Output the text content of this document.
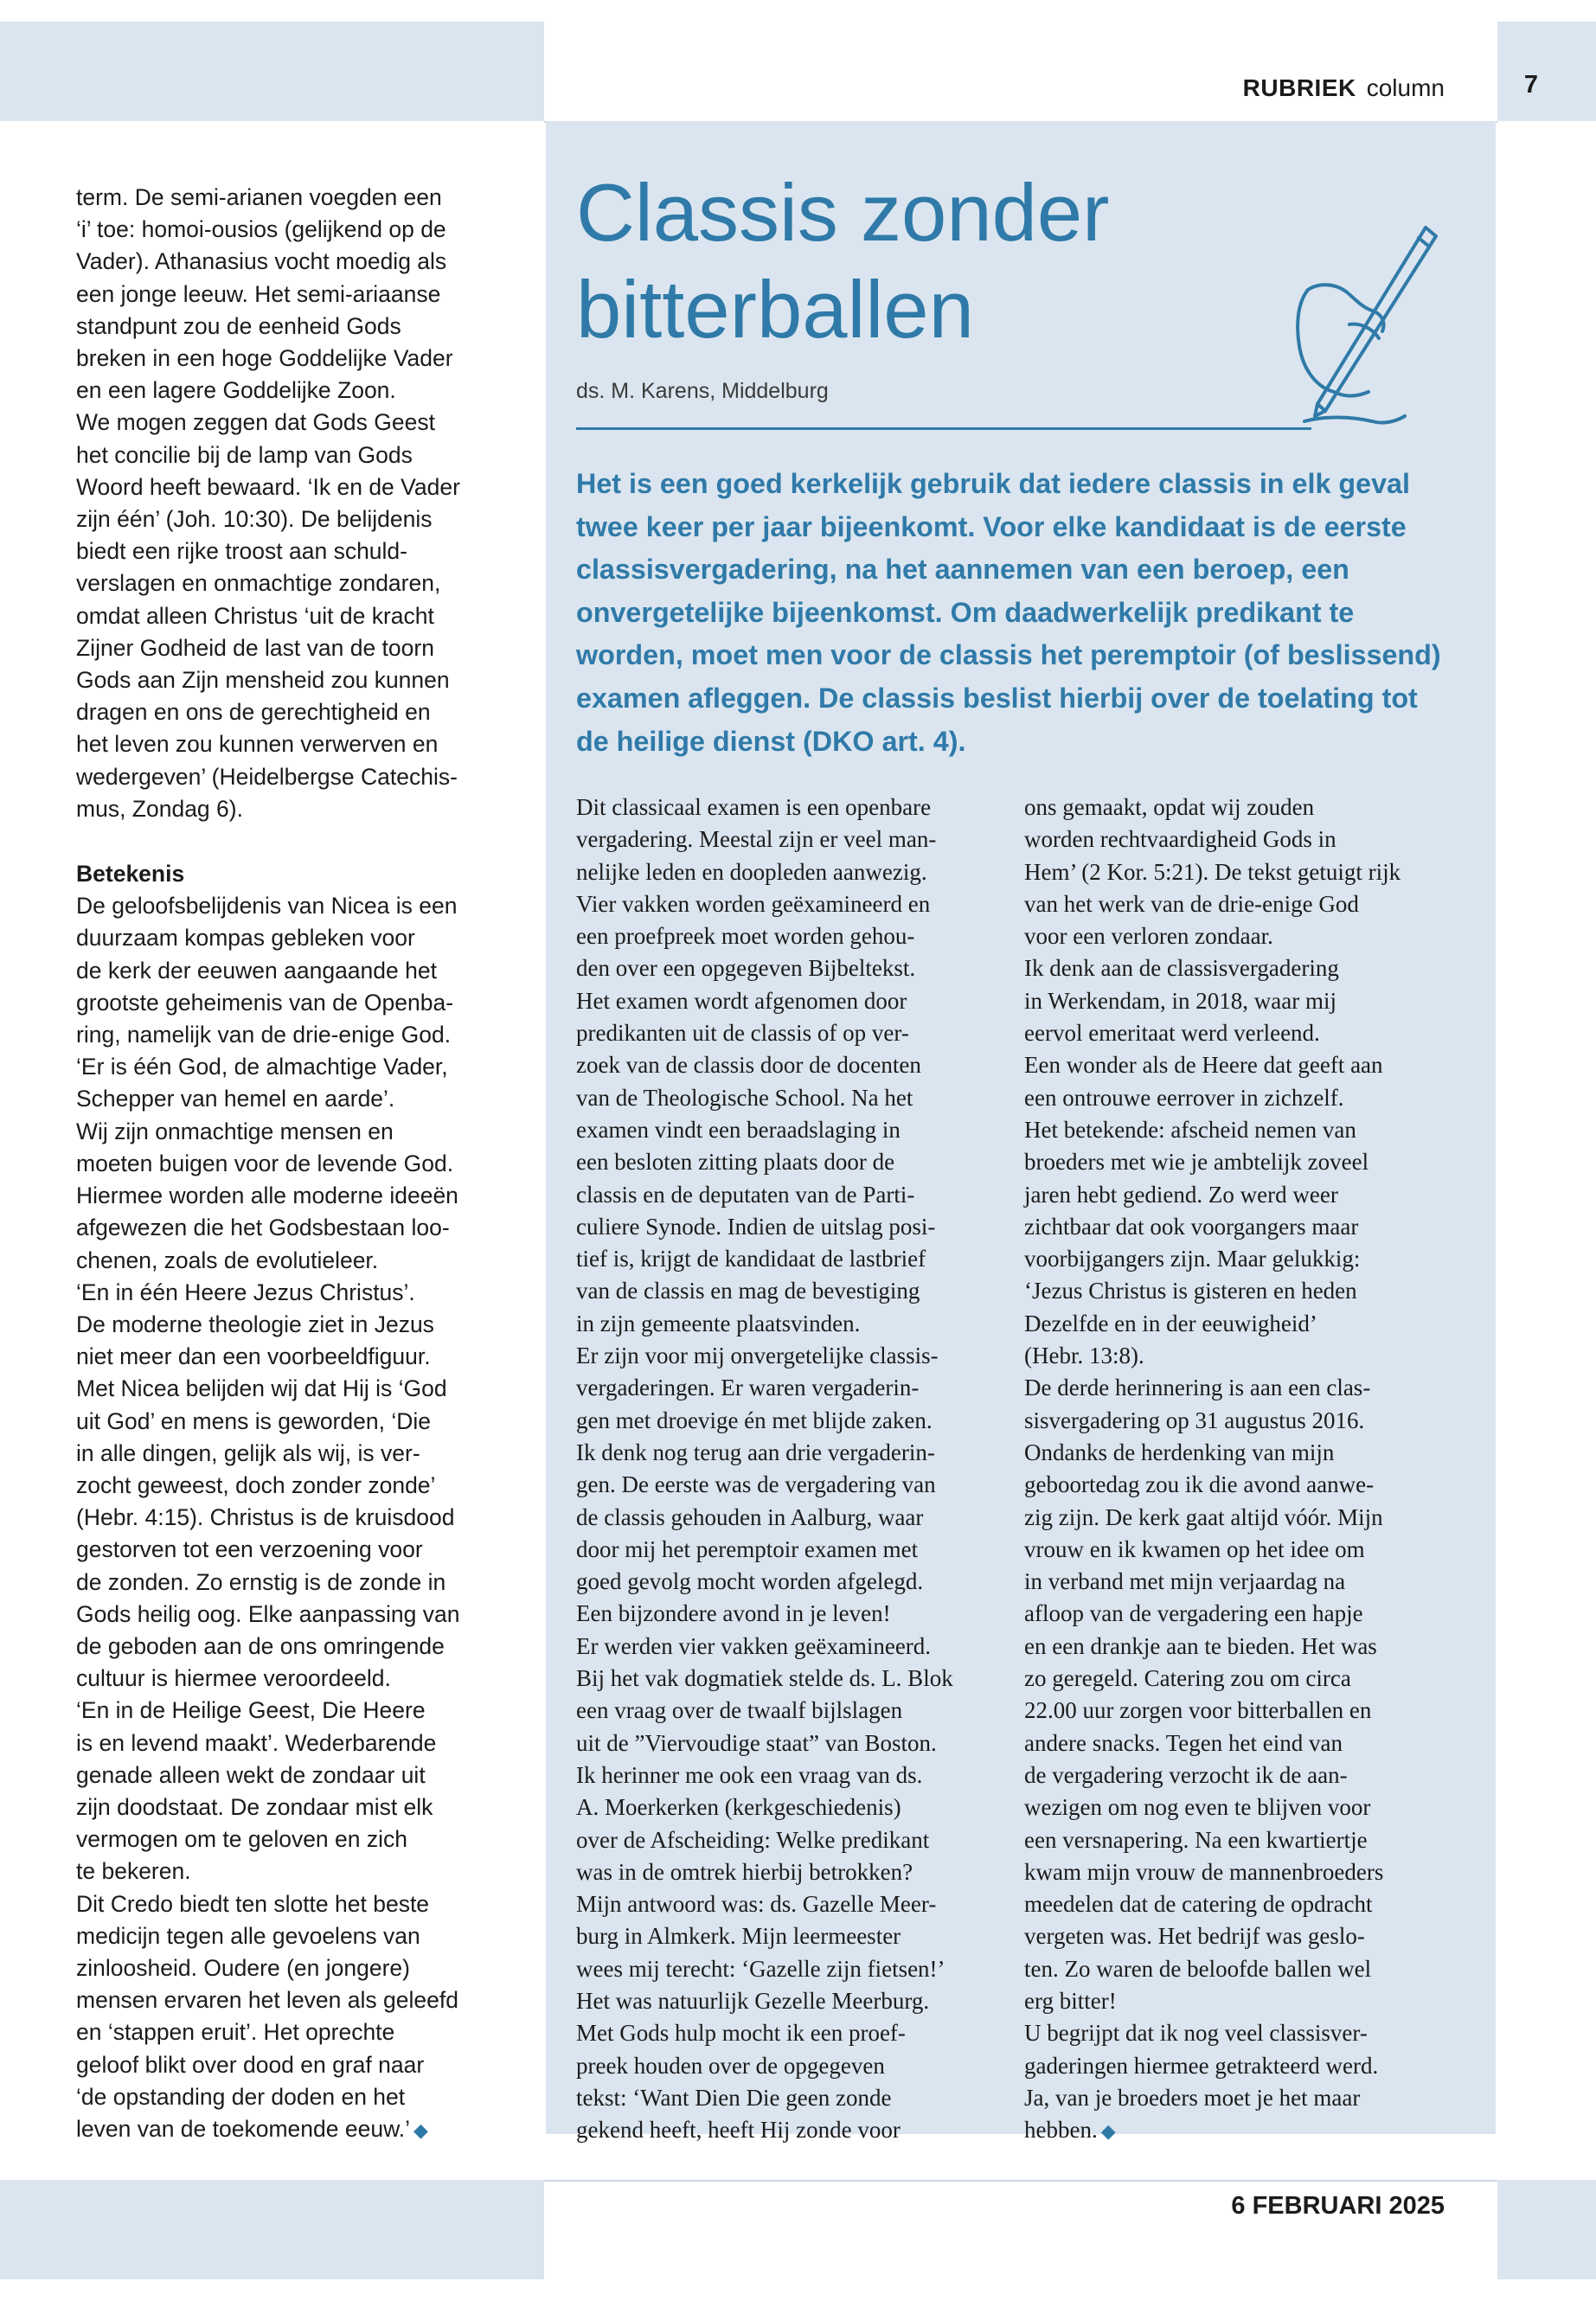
RUBRIEK column	7

term. De semi-arianen voegden een
‘i’ toe: homoi-ousios (gelijkend op de
Vader). Athanasius vocht moedig als
een jonge leeuw. Het semi-ariaanse
standpunt zou de eenheid Gods
breken in een hoge Goddelijke Vader
en een lagere Goddelijke Zoon.
We mogen zeggen dat Gods Geest
het concilie bij de lamp van Gods
Woord heeft bewaard. ‘Ik en de Vader
zijn één’ (Joh. 10:30). De belijdenis
biedt een rijke troost aan schuld-
verslagen en onmachtige zondaren,
omdat alleen Christus ‘uit de kracht
Zijner Godheid de last van de toorn
Gods aan Zijn mensheid zou kunnen
dragen en ons de gerechtigheid en
het leven zou kunnen verwerven en
wedergeven’ (Heidelbergse Catechis-
mus, Zondag 6).

Betekenis

De geloofsbelijdenis van Nicea is een
duurzaam kompas gebleken voor
de kerk der eeuwen aangaande het
grootste geheimenis van de Openba-
ring, namelijk van de drie-enige God.
‘Er is één God, de almachtige Vader,
Schepper van hemel en aarde’.
Wij zijn onmachtige mensen en
moeten buigen voor de levende God.
Hiermee worden alle moderne ideeën
afgewezen die het Godsbestaan loo-
chenen, zoals de evolutieleer.
‘En in één Heere Jezus Christus’.
De moderne theologie ziet in Jezus
niet meer dan een voorbeeldfiguur.
Met Nicea belijden wij dat Hij is ‘God
uit God’ en mens is geworden, ‘Die
in alle dingen, gelijk als wij, is ver-
zocht geweest, doch zonder zonde’
(Hebr. 4:15). Christus is de kruisdood
gestorven tot een verzoening voor
de zonden. Zo ernstig is de zonde in
Gods heilig oog. Elke aanpassing van
de geboden aan de ons omringende
cultuur is hiermee veroordeeld.
‘En in de Heilige Geest, Die Heere
is en levend maakt’. Wederbarende
genade alleen wekt de zondaar uit
zijn doodstaat. De zondaar mist elk
vermogen om te geloven en zich
te bekeren.
Dit Credo biedt ten slotte het beste
medicijn tegen alle gevoelens van
zinloosheid. Oudere (en jongere)
mensen ervaren het leven als geleefd
en ‘stappen eruit’. Het oprechte
geloof blikt over dood en graf naar
‘de opstanding der doden en het
leven van de toekomende eeuw.’ ◆

Classis zonder
bitterballen
ds. M. Karens, Middelburg

Het is een goed kerkelijk gebruik dat iedere classis in elk geval twee keer per jaar bijeenkomt. Voor elke kandidaat is de eerste classisvergadering, na het aannemen van een beroep, een onvergetelijke bijeenkomst. Om daadwerkelijk predikant te worden, moet men voor de classis het peremptoir (of beslissend) examen afleggen. De classis beslist hierbij over de toelating tot de heilige dienst (DKO art. 4).

Dit classicaal examen is een openbare
vergadering. Meestal zijn er veel man-
nelijke leden en doopleden aanwezig.
Vier vakken worden geëxamineerd en
een proefpreek moet worden gehou-
den over een opgegeven Bijbeltekst.
Het examen wordt afgenomen door
predikanten uit de classis of op ver-
zoek van de classis door de docenten
van de Theologische School. Na het
examen vindt een beraadslaging in
een besloten zitting plaats door de
classis en de deputaten van de Parti-
culiere Synode. Indien de uitslag posi-
tief is, krijgt de kandidaat de lastbrief
van de classis en mag de bevestiging
in zijn gemeente plaatsvinden.
Er zijn voor mij onvergetelijke classis-
vergaderingen. Er waren vergaderin-
gen met droevige én met blijde zaken.
Ik denk nog terug aan drie vergaderin-
gen. De eerste was de vergadering van
de classis gehouden in Aalburg, waar
door mij het peremptoir examen met
goed gevolg mocht worden afgelegd.
Een bijzondere avond in je leven!
Er werden vier vakken geëxamineerd.
Bij het vak dogmatiek stelde ds. L. Blok
een vraag over de twaalf bijlslagen
uit de ”Viervoudige staat” van Boston.
Ik herinner me ook een vraag van ds.
A. Moerkerken (kerkgeschiedenis)
over de Afscheiding: Welke predikant
was in de omtrek hierbij betrokken?
Mijn antwoord was: ds. Gazelle Meer-
burg in Almkerk. Mijn leermeester
wees mij terecht: ‘Gazelle zijn fietsen!’
Het was natuurlijk Gezelle Meerburg.
Met Gods hulp mocht ik een proef-
preek houden over de opgegeven
tekst: ‘Want Dien Die geen zonde
gekend heeft, heeft Hij zonde voor

ons gemaakt, opdat wij zouden
worden rechtvaardigheid Gods in
Hem’ (2 Kor. 5:21). De tekst getuigt rijk
van het werk van de drie-enige God
voor een verloren zondaar.
Ik denk aan de classisvergadering
in Werkendam, in 2018, waar mij
eervol emeritaat werd verleend.
Een wonder als de Heere dat geeft aan
een ontrouwe eerrover in zichzelf.
Het betekende: afscheid nemen van
broeders met wie je ambtelijk zoveel
jaren hebt gediend. Zo werd weer
zichtbaar dat ook voorgangers maar
voorbijgangers zijn. Maar gelukkig:
‘Jezus Christus is gisteren en heden
Dezelfde en in der eeuwigheid’
(Hebr. 13:8).
De derde herinnering is aan een clas-
sisvergadering op 31 augustus 2016.
Ondanks de herdenking van mijn
geboortedag zou ik die avond aanwe-
zig zijn. De kerk gaat altijd vóór. Mijn
vrouw en ik kwamen op het idee om
in verband met mijn verjaardag na
afloop van de vergadering een hapje
en een drankje aan te bieden. Het was
zo geregeld. Catering zou om circa
22.00 uur zorgen voor bitterballen en
andere snacks. Tegen het eind van
de vergadering verzocht ik de aan-
wezigen om nog even te blijven voor
een versnapering. Na een kwartiertje
kwam mijn vrouw de mannenbroeders
meedelen dat de catering de opdracht
vergeten was. Het bedrijf was geslo-
ten. Zo waren de beloofde ballen wel
erg bitter!
U begrijpt dat ik nog veel classisver-
gaderingen hiermee getrakteerd werd.
Ja, van je broeders moet je het maar
hebben. ◆

6 FEBRUARI 2025
